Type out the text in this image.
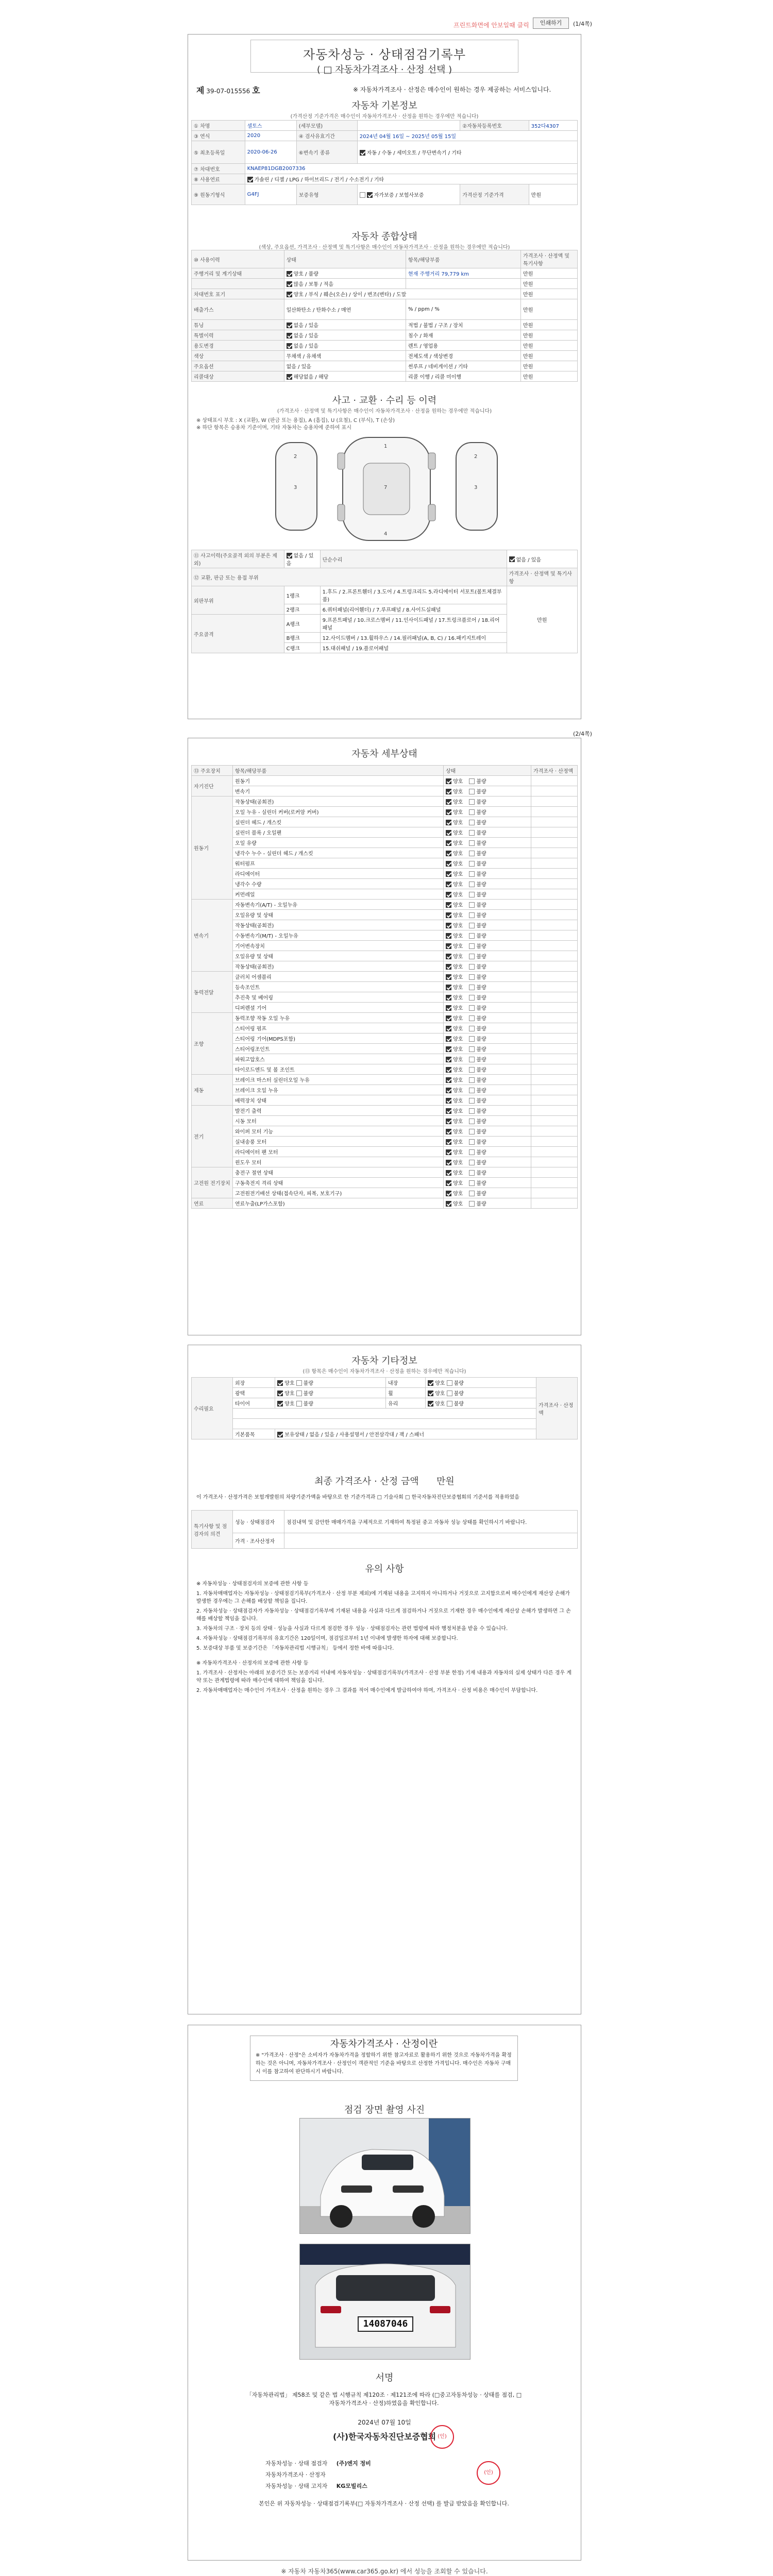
프린트화면에 안보일때 클릭	인쇄하기	(1/4쪽)
자동차성능 · 상태점검기록부
( □ 자동차가격조사 · 산정 선택 )
제 39-07-015556 호	※ 자동차가격조사 · 산정은 매수인이 원하는 경우 제공하는 서비스입니다.
자동차 기본정보
(가격산정 기준가격은 매수인이 자동차가격조사 · 산정을 원하는 경우에만 적습니다)
① 차명	셀토스	(세부모델)		②자동차등록번호	352다4307
③ 연식	2020	④ 검사유효기간	2024년 04월 16일 ~ 2025년 05월 15일		
⑤ 최초등록일	2020-06-26	⑥변속기 종류	자동 / 수동 / 세미오토 / 무단변속기 / 기타		
⑦ 차대번호	KNAEP81DGB2007336				
⑧ 사용연료	가솔린 / 디젤 / LPG / 하이브리드 / 전기 / 수소전기 / 기타				
⑨ 원동기형식	G4FJ	보증유형	자가보증 / 보험사보증	가격산정 기준가격	만원
자동차 종합상태
(색상, 주요옵션, 가격조사 · 산정액 및 특기사항은 매수인이 자동차가격조사 · 산정을 원하는 경우에만 적습니다)
⑩ 사용이력	상태	항목/해당부품	가격조사 · 산정액 및 특기사항
주행거리 및 계기상태	양호 / 불량	현재 주행거리 79,779 km	만원
	많음 / 보통 / 적음		만원
차대번호 표기	양호 / 부식 / 훼손(오손) / 상이 / 변조(변타) / 도말		만원
배출가스	일산화탄소 / 탄화수소 / 매연	% / ppm / %	만원
튜닝	없음 / 있음	적법 / 불법 / 구조 / 장치	만원
특별이력	없음 / 있음	침수 / 화재	만원
용도변경	없음 / 있음	렌트 / 영업용	만원
색상	무채색 / 유채색	전체도색 / 색상변경	만원
주요옵션	없음 / 있음	썬루프 / 네비게이션 / 기타	만원
리콜대상	해당없음 / 해당	리콜 이행 / 리콜 미이행	만원
사고 · 교환 · 수리 등 이력
(가격조사 · 산정액 및 특기사항은 매수인이 자동차가격조사 · 산정을 원하는 경우에만 적습니다)
※ 상태표시 부호 : X (교환), W (판금 또는 용접), A (흠집), U (요철), C (부식), T (손상)
※ 하단 항목은 승용차 기준이며, 기타 자동차는 승용차에 준하여 표시
2
3
1
7
4
2
3
⑪ 사고이력(주요골격 외의 부분은 제외)	없음 / 있음	단순수리	없음 / 있음
⑫ 교환, 판금 또는 용접 부위			가격조사 · 산정액 및 특기사항
외판부위	1랭크	1.후드 / 2.프론트휀더 / 3.도어 / 4.트렁크리드 5.라디에이터 서포트(볼트체결부품)	만원
	2랭크	6.쿼터패널(리어휀더) / 7.루프패널 / 8.사이드실패널	
주요골격	A랭크	9.프론트패널 / 10.크로스멤버 / 11.인사이드패널 / 17.트렁크플로어 / 18.리어패널	
	B랭크	12.사이드멤버 / 13.휠하우스 / 14.필러패널(A, B, C) / 16.패키지트레이	
	C랭크	15.대쉬패널 / 19.플로어패널	
(2/4쪽)
자동차 세부상태
⑬ 주요장치	항목/해당부품	상태	가격조사 · 산정액
자기진단	원동기	양호 불량	
	변속기	양호 불량	
원동기	작동상태(공회전)	양호 불량	
	오일 누유 - 실린더 커버(로커암 커버)	양호 불량	
	실린더 헤드 / 개스킷	양호 불량	
	실린더 블록 / 오일팬	양호 불량	
	오일 유량	양호 불량	
	냉각수 누수 - 실린더 헤드 / 개스킷	양호 불량	
	워터펌프	양호 불량	
	라디에이터	양호 불량	
	냉각수 수량	양호 불량	
	커먼레일	양호 불량	
변속기	자동변속기(A/T) - 오일누유	양호 불량	
	오일유량 및 상태	양호 불량	
	작동상태(공회전)	양호 불량	
	수동변속기(M/T) - 오일누유	양호 불량	
	기어변속장치	양호 불량	
	오일유량 및 상태	양호 불량	
	작동상태(공회전)	양호 불량	
동력전달	클러치 어셈블리	양호 불량	
	등속조인트	양호 불량	
	추진축 및 베어링	양호 불량	
	디퍼렌셜 기어	양호 불량	
조향	동력조향 작동 오일 누유	양호 불량	
	스티어링 펌프	양호 불량	
	스티어링 기어(MDPS포함)	양호 불량	
	스티어링조인트	양호 불량	
	파워고압호스	양호 불량	
	타이로드엔드 및 볼 조인트	양호 불량	
제동	브레이크 마스터 실린더오일 누유	양호 불량	
	브레이크 오일 누유	양호 불량	
	배력장치 상태	양호 불량	
전기	발전기 출력	양호 불량	
	시동 모터	양호 불량	
	와이퍼 모터 기능	양호 불량	
	실내송풍 모터	양호 불량	
	라디에이터 팬 모터	양호 불량	
	윈도우 모터	양호 불량	
고전원 전기장치	충전구 절연 상태	양호 불량	
	구동축전지 격리 상태	양호 불량	
	고전원전기배선 상태(접속단자, 피복, 보호기구)	양호 불량	
연료	연료누출(LP가스포함)	양호 불량	
자동차 기타정보
(⑬ 항목은 매수인이 자동차가격조사 · 산정을 원하는 경우에만 적습니다)
수리필요	외장	양호 불량	내장	양호 불량	가격조사 · 산정액
	광택	양호 불량	휠	양호 불량	
	타이어	양호 불량	유리	양호 불량	

	기본품목	보유상태 / 없음 / 있음 / 사용설명서 / 안전삼각대 / 잭 / 스패너			
최종 가격조사 · 산정 금액 만원
이 가격조사 · 산정가격은 보험개발원의 차량기준가액을 바탕으로 한 기준가격과 □ 기술사회 □ 한국자동차진단보증협회의 기준서를 적용하였음
특기사항 및 점검자의 의견	성능 · 상태점검자	점검내역 및 감안한 매매가격을 구체적으로 기재하여 특정된 중고 자동차 성능 상태를 확인하시기 바랍니다.
	가격 · 조사산정자	
유의 사항

※ 자동차성능 · 상태점검자의 보증에 관한 사항 등

1. 자동차매매업자는 자동차성능 · 상태점검기록부(가격조사 · 산정 부분 제외)에 기재된 내용을 고지하지 아니하거나 거짓으로 고지함으로써 매수인에게 재산상 손해가 발생한 경우에는 그 손해를 배상할 책임을 집니다.

2. 자동차성능 · 상태점검자가 자동차성능 · 상태점검기록부에 기재된 내용을 사실과 다르게 점검하거나 거짓으로 기재한 경우 매수인에게 재산상 손해가 발생하면 그 손해를 배상할 책임을 집니다.

3. 자동차의 구조 · 장치 등의 상태 · 성능을 사실과 다르게 점검한 경우 성능 · 상태점검자는 관련 법령에 따라 행정처분을 받을 수 있습니다.

4. 자동차성능 · 상태점검기록부의 유효기간은 120일이며, 점검일로부터 1년 이내에 발생한 하자에 대해 보증합니다.

5. 보증대상 부품 및 보증기간은 「자동차관리법 시행규칙」 등에서 정한 바에 따릅니다.

※ 자동차가격조사 · 산정자의 보증에 관한 사항 등

1. 가격조사 · 산정자는 아래의 보증기간 또는 보증거리 이내에 자동차성능 · 상태점검기록부(가격조사 · 산정 부분 한정) 기재 내용과 자동차의 실제 상태가 다른 경우 계약 또는 관계법령에 따라 매수인에 대하여 책임을 집니다.

2. 자동차매매업자는 매수인이 가격조사 · 산정을 원하는 경우 그 결과를 적어 매수인에게 발급하여야 하며, 가격조사 · 산정 비용은 매수인이 부담합니다.

자동차가격조사 · 산정이란
※ "가격조사 · 산정"은 소비자가 자동차가격을 정할하기 위한 참고자료로 활용하기 위한 것으로 자동차가격을 확정하는 것은 아니며, 자동차가격조사 · 산정인이 객관적인 기준을 바탕으로 산정한 가격입니다. 매수인은 자동차 구매시 이를 참고하여 판단하시기 바랍니다.
점검 장면 촬영 사진
14087046
서명
「자동차관리법」 제58조 및 같은 법 시행규칙 제120조 · 제121조에 따라 (□중고자동차성능 · 상태를 점검, □자동차가격조사 · 산정)하였음을 확인합니다.
2024년 07월 10일
(사)한국자동차진단보증협회 (인)
자동차성능 · 상태 점검자 (주)엔지 정비
자동차가격조사 · 산정자
자동차성능 · 상태 고지자 KG모빌리스
(인)
본인은 위 자동차성능 · 상태점검기록부(□ 자동차가격조사 · 산정 선택) 를 발급 받았음을 확인합니다.
※ 자동차 자동차365(www.car365.go.kr) 에서 성능을 조회할 수 있습니다.
